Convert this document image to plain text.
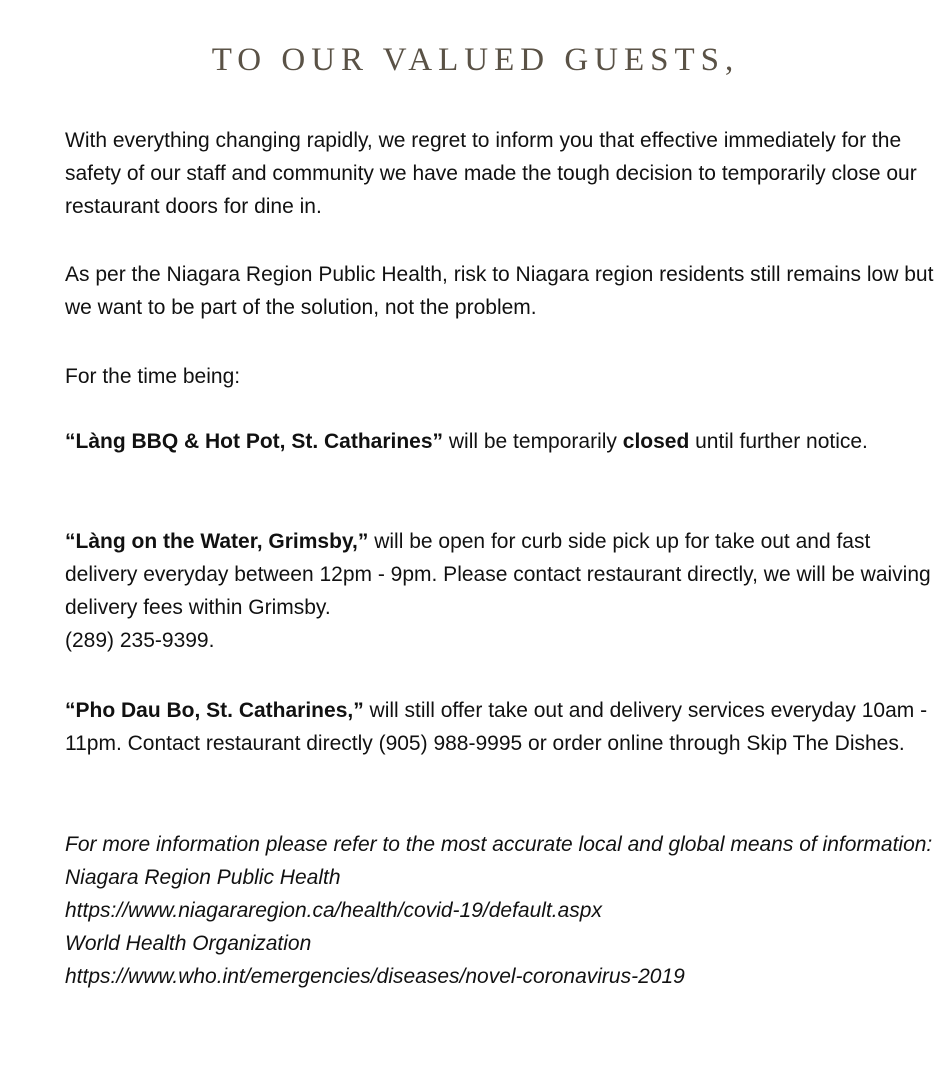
TO OUR VALUED GUESTS,

With everything changing rapidly, we regret to inform you that effective immediately for the safety of our staff and community we have made the tough decision to temporarily close our restaurant doors for dine in.

As per the Niagara Region Public Health, risk to Niagara region residents still remains low but we want to be part of the solution, not the problem.

For the time being:

“Làng BBQ & Hot Pot, St. Catharines” will be temporarily closed until further notice.

“Làng on the Water, Grimsby,” will be open for curb side pick up for take out and fast delivery everyday between 12pm - 9pm. Please contact restaurant directly, we will be waiving delivery fees within Grimsby.
(289) 235-9399.

“Pho Dau Bo, St. Catharines,” will still offer take out and delivery services everyday 10am - 11pm. Contact restaurant directly (905) 988-9995 or order online through Skip The Dishes.

For more information please refer to the most accurate local and global means of information:
Niagara Region Public Health
https://www.niagararegion.ca/health/covid-19/default.aspx
World Health Organization
https://www.who.int/emergencies/diseases/novel-coronavirus-2019
